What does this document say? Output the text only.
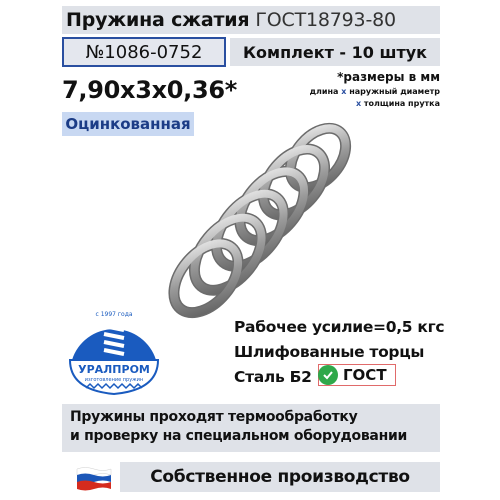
Пружина сжатия ГОСТ18793-80
№1086-0752	Комплект - 10 штук
7,90x3x0,36*	*размеры в мм
длина x наружный диаметр
x толщина прутка
Оцинкованная
с 1997 года
УРАЛПРОМ
изготовление пружин
Рабочее усилие=0,5 кгс
Шлифованные торцы
Сталь Б2 ГОСТ
Пружины проходят термообработку
и проверку на специальном оборудовании
Собственное производство
